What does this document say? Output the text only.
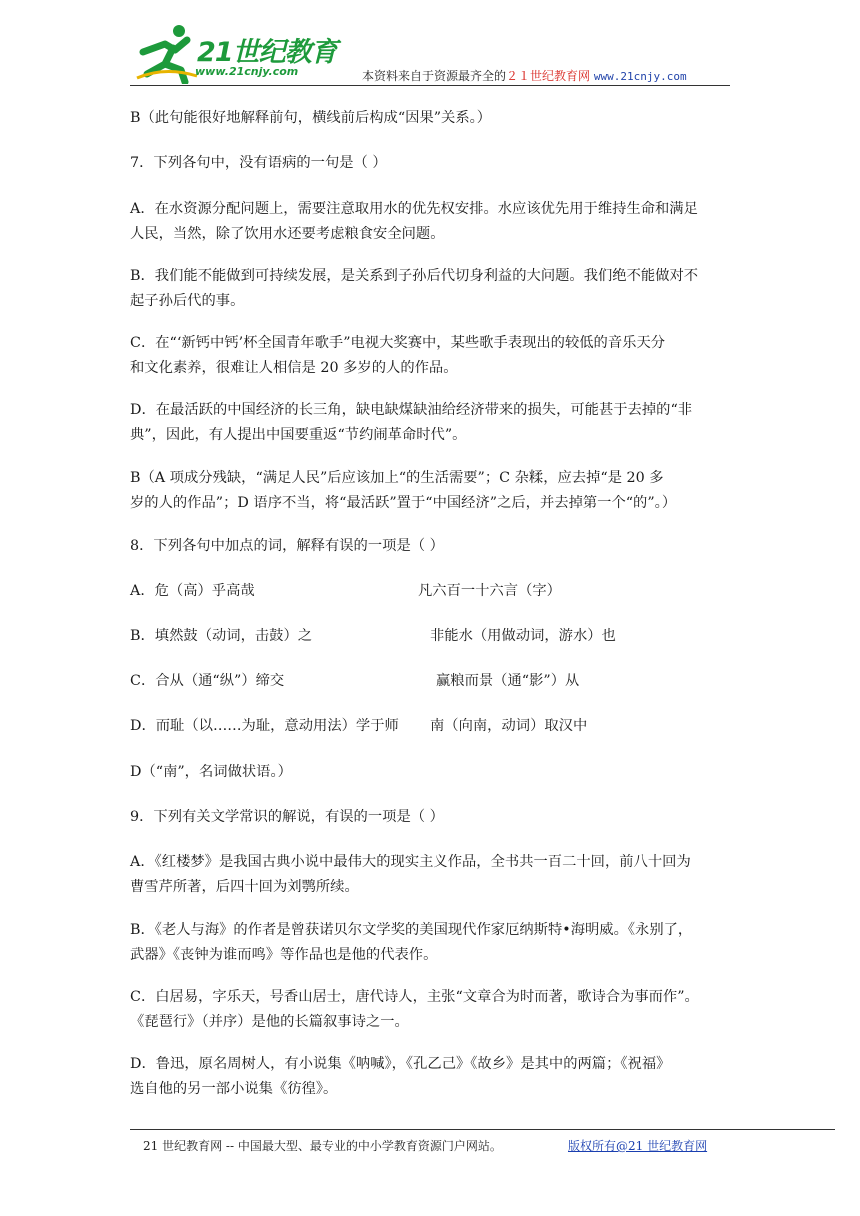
21世纪教育
www.21cnjy.com	本资料来自于资源最齐全的２１世纪教育网 www.21cnjy.com
B（此句能很好地解释前句，横线前后构成“因果”关系。）
7．下列各句中，没有语病的一句是（ ）
A．在水资源分配问题上，需要注意取用水的优先权安排。水应该优先用于维持生命和满足
人民，当然，除了饮用水还要考虑粮食安全问题。
B．我们能不能做到可持续发展，是关系到子孙后代切身利益的大问题。我们绝不能做对不
起子孙后代的事。
C．在“‘新钙中钙’杯全国青年歌手”电视大奖赛中，某些歌手表现出的较低的音乐天分
和文化素养，很难让人相信是 20 多岁的人的作品。
D．在最活跃的中国经济的长三角，缺电缺煤缺油给经济带来的损失，可能甚于去掉的“非
典”，因此，有人提出中国要重返“节约闹革命时代”。
B（A 项成分残缺，“满足人民”后应该加上“的生活需要”；C 杂糅，应去掉“是 20 多
岁的人的作品”；D 语序不当，将“最活跃”置于“中国经济”之后，并去掉第一个“的”。）
8．下列各句中加点的词，解释有误的一项是（ ）
A．危（高）乎高哉	凡六百一十六言（字）
B．填然鼓（动词，击鼓）之	非能水（用做动词，游水）也
C．合从（通“纵”）缔交	赢粮而景（通“影”）从
D．而耻（以……为耻，意动用法）学于师 南（向南，动词）取汉中
D（“南”，名词做状语。）
9．下列有关文学常识的解说，有误的一项是（ ）
A．《红楼梦》是我国古典小说中最伟大的现实主义作品，全书共一百二十回，前八十回为
曹雪芹所著，后四十回为刘鹗所续。
B．《老人与海》的作者是曾获诺贝尔文学奖的美国现代作家厄纳斯特•海明威。《永别了，
武器》《丧钟为谁而鸣》等作品也是他的代表作。
C．白居易，字乐天，号香山居士，唐代诗人，主张“文章合为时而著，歌诗合为事而作”。
《琵琶行》（并序）是他的长篇叙事诗之一。
D．鲁迅，原名周树人，有小说集《呐喊》，《孔乙己》《故乡》是其中的两篇；《祝福》
选自他的另一部小说集《彷徨》。
21 世纪教育网 -- 中国最大型、最专业的中小学教育资源门户网站。	版权所有@21 世纪教育网
